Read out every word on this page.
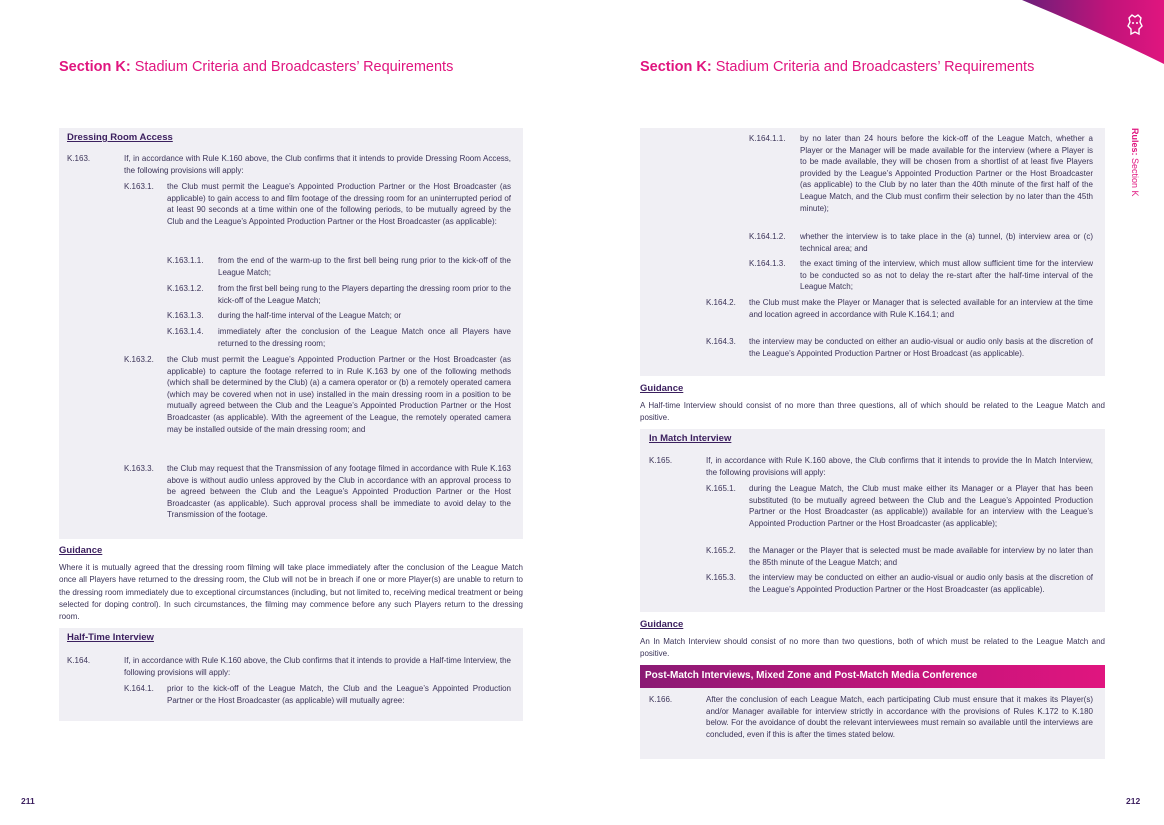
Section K: Stadium Criteria and Broadcasters’ Requirements	Section K: Stadium Criteria and Broadcasters’ Requirements
Rules: Section K
Dressing Room Access
K.163.	If, in accordance with Rule K.160 above, the Club confirms that it intends to provide Dressing Room Access, the following provisions will apply:
K.163.1. the Club must permit the League’s Appointed Production Partner or the Host Broadcaster (as applicable) to gain access to and film footage of the dressing room for an uninterrupted period of at least 90 seconds at a time within one of the following periods, to be mutually agreed by the Club and the League’s Appointed Production Partner or the Host Broadcaster (as applicable):
K.163.1.1. from the end of the warm-up to the first bell being rung prior to the kick-off of the League Match;
K.163.1.2. from the first bell being rung to the Players departing the dressing room prior to the kick-off of the League Match;
K.163.1.3. during the half-time interval of the League Match; or
K.163.1.4. immediately after the conclusion of the League Match once all Players have returned to the dressing room;
K.163.2. the Club must permit the League’s Appointed Production Partner or the Host Broadcaster (as applicable) to capture the footage referred to in Rule K.163 by one of the following methods (which shall be determined by the Club) (a) a camera operator or (b) a remotely operated camera (which may be covered when not in use) installed in the main dressing room in a position to be mutually agreed between the Club and the League’s Appointed Production Partner or the Host Broadcaster (as applicable). With the agreement of the League, the remotely operated camera may be installed outside of the main dressing room; and
K.163.3. the Club may request that the Transmission of any footage filmed in accordance with Rule K.163 above is without audio unless approved by the Club in accordance with an approval process to be agreed between the Club and the League’s Appointed Production Partner or the Host Broadcaster (as applicable). Such approval process shall be immediate to avoid delay to the Transmission of the footage.
Guidance
Where it is mutually agreed that the dressing room filming will take place immediately after the conclusion of the League Match once all Players have returned to the dressing room, the Club will not be in breach if one or more Player(s) are unable to return to the dressing room immediately due to exceptional circumstances (including, but not limited to, receiving medical treatment or being selected for doping control). In such circumstances, the filming may commence before any such Players return to the dressing room.
Half-Time Interview
K.164.	If, in accordance with Rule K.160 above, the Club confirms that it intends to provide a Half-time Interview, the following provisions will apply:
K.164.1. prior to the kick-off of the League Match, the Club and the League’s Appointed Production Partner or the Host Broadcaster (as applicable) will mutually agree:
211
K.164.1.1. by no later than 24 hours before the kick-off of the League Match, whether a Player or the Manager will be made available for the interview (where a Player is to be made available, they will be chosen from a shortlist of at least five Players provided by the League’s Appointed Production Partner or the Host Broadcaster (as applicable) to the Club by no later than the 40th minute of the first half of the League Match, and the Club must confirm their selection by no later than the 45th minute);
K.164.1.2. whether the interview is to take place in the (a) tunnel, (b) interview area or (c) technical area; and
K.164.1.3. the exact timing of the interview, which must allow sufficient time for the interview to be conducted so as not to delay the re-start after the half-time interval of the League Match;
K.164.2. the Club must make the Player or Manager that is selected available for an interview at the time and location agreed in accordance with Rule K.164.1; and
K.164.3. the interview may be conducted on either an audio-visual or audio only basis at the discretion of the League’s Appointed Production Partner or Host Broadcast (as applicable).
Guidance
A Half-time Interview should consist of no more than three questions, all of which should be related to the League Match and positive.
In Match Interview
K.165.	If, in accordance with Rule K.160 above, the Club confirms that it intends to provide the In Match Interview, the following provisions will apply:
K.165.1. during the League Match, the Club must make either its Manager or a Player that has been substituted (to be mutually agreed between the Club and the League’s Appointed Production Partner or the Host Broadcaster (as applicable)) available for an interview with the League’s Appointed Production Partner or the Host Broadcaster (as applicable);
K.165.2. the Manager or the Player that is selected must be made available for interview by no later than the 85th minute of the League Match; and
K.165.3. the interview may be conducted on either an audio-visual or audio only basis at the discretion of the League’s Appointed Production Partner or the Host Broadcaster (as applicable).
Guidance
An In Match Interview should consist of no more than two questions, both of which must be related to the League Match and positive.
Post-Match Interviews, Mixed Zone and Post-Match Media Conference
K.166.	After the conclusion of each League Match, each participating Club must ensure that it makes its Player(s) and/or Manager available for interview strictly in accordance with the provisions of Rules K.172 to K.180 below. For the avoidance of doubt the relevant interviewees must remain so available until the interviews are concluded, even if this is after the times stated below.
212
